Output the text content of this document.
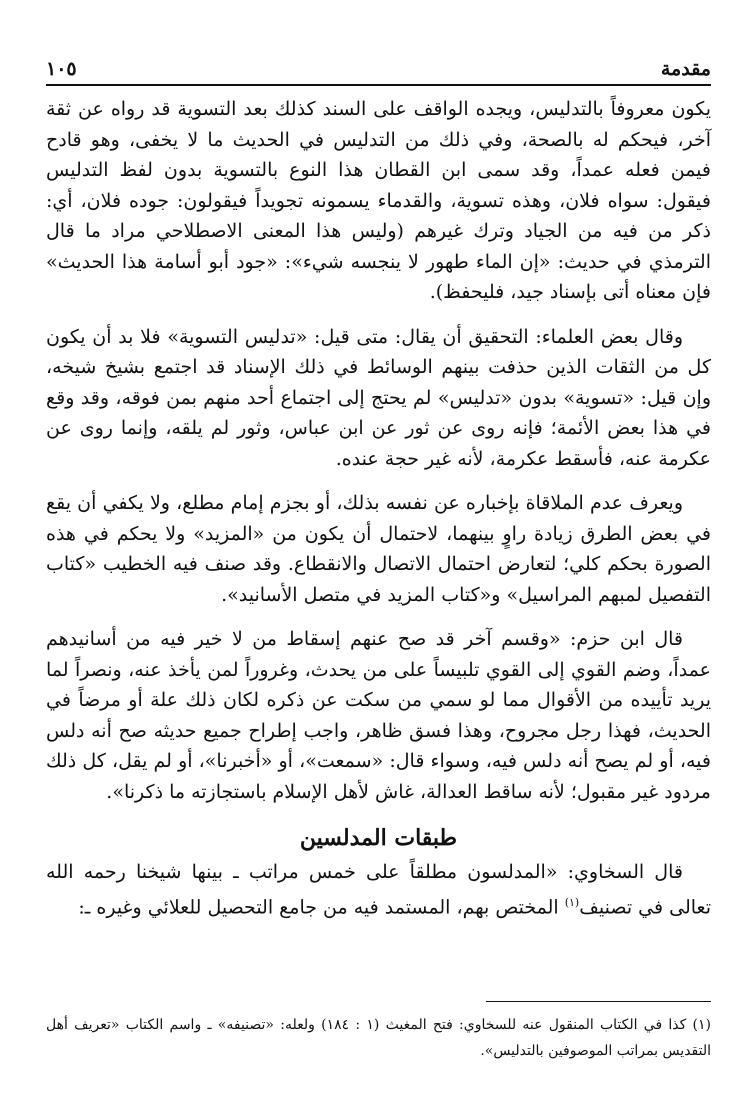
مقدمة
١٠٥

يكون معروفاً بالتدليس، ويجده الواقف على السند كذلك بعد التسوية قد رواه عن ثقة آخر، فيحكم له بالصحة، وفي ذلك من التدليس في الحديث ما لا يخفى، وهو قادح فيمن فعله عمداً، وقد سمى ابن القطان هذا النوع بالتسوية بدون لفظ التدليس فيقول: سواه فلان، وهذه تسوية، والقدماء يسمونه تجويداً فيقولون: جوده فلان، أي: ذكر من فيه من الجياد وترك غيرهم (وليس هذا المعنى الاصطلاحي مراد ما قال الترمذي في حديث: «إن الماء طهور لا ينجسه شيء»: «جود أبو أسامة هذا الحديث» فإن معناه أتى بإسناد جيد، فليحفظ).

وقال بعض العلماء: التحقيق أن يقال: متى قيل: «تدليس التسوية» فلا بد أن يكون كل من الثقات الذين حذفت بينهم الوسائط في ذلك الإسناد قد اجتمع بشيخ شيخه، وإن قيل: «تسوية» بدون «تدليس» لم يحتج إلى اجتماع أحد منهم بمن فوقه، وقد وقع في هذا بعض الأئمة؛ فإنه روى عن ثور عن ابن عباس، وثور لم يلقه، وإنما روى عن عكرمة عنه، فأسقط عكرمة، لأنه غير حجة عنده.

ويعرف عدم الملاقاة بإخباره عن نفسه بذلك، أو بجزم إمام مطلع، ولا يكفي أن يقع في بعض الطرق زيادة راوٍ بينهما، لاحتمال أن يكون من «المزيد» ولا يحكم في هذه الصورة بحكم كلي؛ لتعارض احتمال الاتصال والانقطاع. وقد صنف فيه الخطيب «كتاب التفصيل لمبهم المراسيل» و«كتاب المزيد في متصل الأسانيد».

قال ابن حزم: «وقسم آخر قد صح عنهم إسقاط من لا خير فيه من أسانيدهم عمداً، وضم القوي إلى القوي تلبيساً على من يحدث، وغروراً لمن يأخذ عنه، ونصراً لما يريد تأييده من الأقوال مما لو سمي من سكت عن ذكره لكان ذلك علة أو مرضاً في الحديث، فهذا رجل مجروح، وهذا فسق ظاهر، واجب إطراح جميع حديثه صح أنه دلس فيه، أو لم يصح أنه دلس فيه، وسواء قال: «سمعت»، أو «أخبرنا»، أو لم يقل، كل ذلك مردود غير مقبول؛ لأنه ساقط العدالة، غاش لأهل الإسلام باستجازته ما ذكرنا».

طبقات المدلسين

قال السخاوي: «المدلسون مطلقاً على خمس مراتب ـ بينها شيخنا رحمه الله تعالى في تصنيف$^{(١)}$ المختص بهم، المستمد فيه من جامع التحصيل للعلائي وغيره ـ:

(١) كذا في الكتاب المنقول عنه للسخاوي: فتح المغيث (١ : ١٨٤) ولعله: «تصنيفه» ـ واسم الكتاب «تعريف أهل التقديس بمراتب الموصوفين بالتدليس».
